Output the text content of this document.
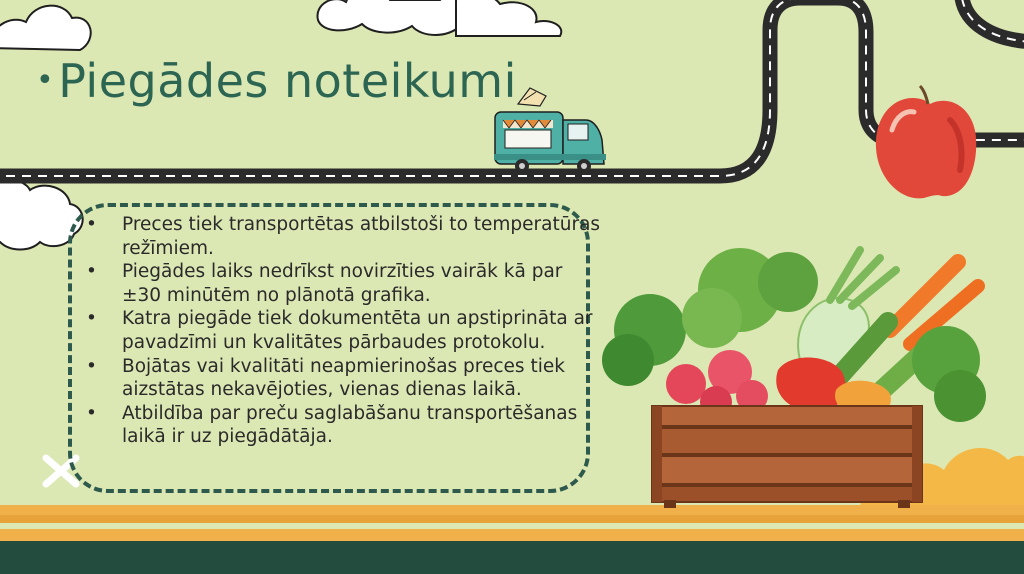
•Piegādes noteikumi
• Preces tiek transportētas atbilstoši to temperatūras režīmiem.
• Piegādes laiks nedrīkst novirzīties vairāk kā par ±30 minūtēm no plānotā grafika.
• Katra piegāde tiek dokumentēta un apstiprināta ar pavadzīmi un kvalitātes pārbaudes protokolu.
• Bojātas vai kvalitāti neapmierinošas preces tiek aizstātas nekavējoties, vienas dienas laikā.
• Atbildība par preču saglabāšanu transportēšanas laikā ir uz piegādātāja.
